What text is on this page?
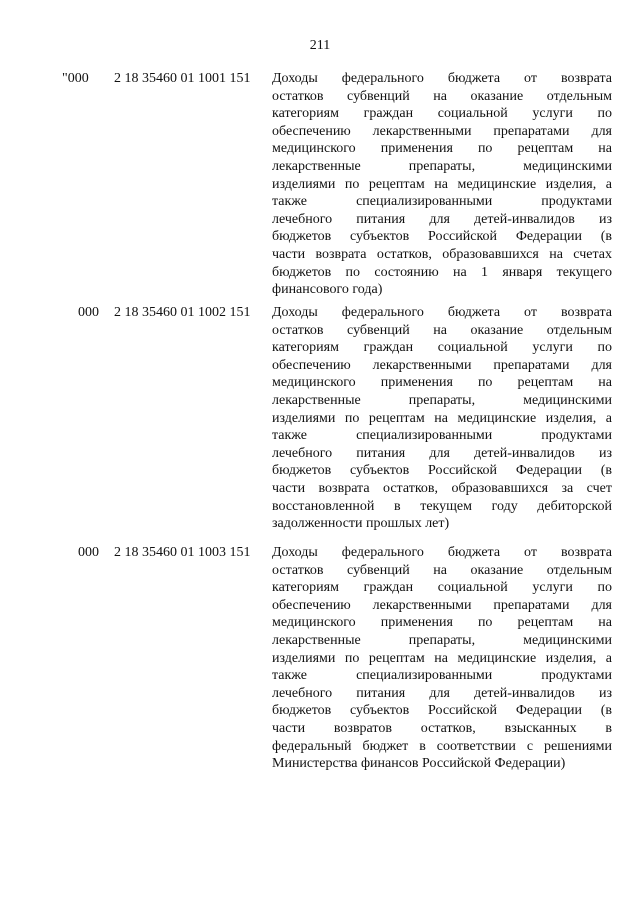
211
"000	2 18 35460 01 1001 151	Доходы федерального бюджета от возврата
остатков субвенций на оказание отдельным
категориям граждан социальной услуги по
обеспечению лекарственными препаратами для
медицинского применения по рецептам на
лекарственные препараты, медицинскими
изделиями по рецептам на медицинские изделия, а
также специализированными продуктами
лечебного питания для детей-инвалидов из
бюджетов субъектов Российской Федерации (в
части возврата остатков, образовавшихся на счетах
бюджетов по состоянию на 1 января текущего
финансового года)
000	2 18 35460 01 1002 151	Доходы федерального бюджета от возврата
остатков субвенций на оказание отдельным
категориям граждан социальной услуги по
обеспечению лекарственными препаратами для
медицинского применения по рецептам на
лекарственные препараты, медицинскими
изделиями по рецептам на медицинские изделия, а
также специализированными продуктами
лечебного питания для детей-инвалидов из
бюджетов субъектов Российской Федерации (в
части возврата остатков, образовавшихся за счет
восстановленной в текущем году дебиторской
задолженности прошлых лет)
000	2 18 35460 01 1003 151	Доходы федерального бюджета от возврата
остатков субвенций на оказание отдельным
категориям граждан социальной услуги по
обеспечению лекарственными препаратами для
медицинского применения по рецептам на
лекарственные препараты, медицинскими
изделиями по рецептам на медицинские изделия, а
также специализированными продуктами
лечебного питания для детей-инвалидов из
бюджетов субъектов Российской Федерации (в
части возвратов остатков, взысканных в
федеральный бюджет в соответствии с решениями
Министерства финансов Российской Федерации)
